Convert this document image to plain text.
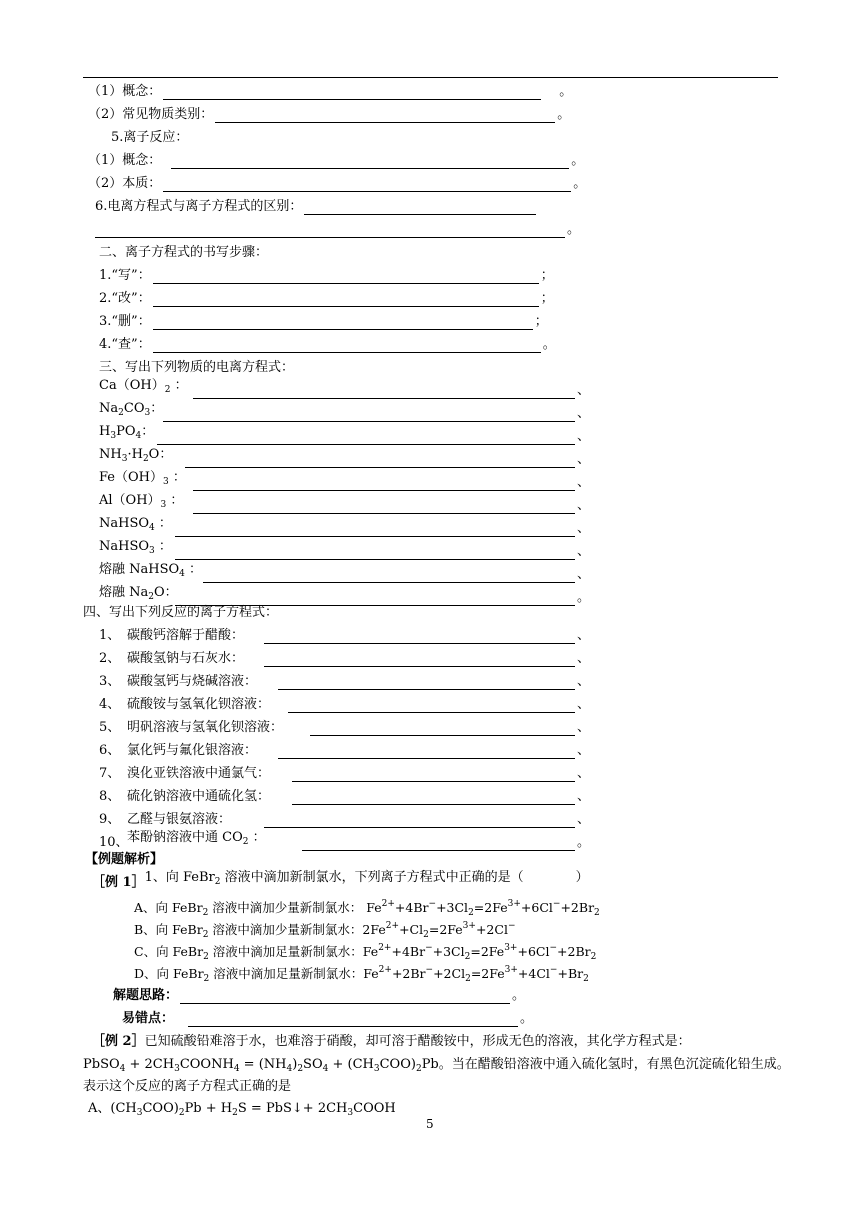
（1）概念：	。
（2）常见物质类别：	。
5.离子反应：
（1）概念：	。
（2）本质：	。
6.电离方程式与离子方程式的区别：
。
二、离子方程式的书写步骤：
三、写出下列物质的电离方程式：
四、写出下列反应的离子方程式：
【例题解析】
［例 1］ 1、向 FeBr$_2$ 溶液中滴加新制氯水，下列离子方程式中正确的是（　　　　）
解题思路：	。
易错点：	。
［例 2］已知硫酸铅难溶于水，也难溶于硝酸，却可溶于醋酸铵中，形成无色的溶液，其化学方程式是：
PbSO$_4$ + $2CH_3COONH_4 = (NH_4)_2SO_4 + (CH_3COO)_2Pb$。当在醋酸铅溶液中通入硫化氢时，有黑色沉淀硫化铅生成。
表示这个反应的离子方程式正确的是
A、$(CH_3COO)_2Pb + H_2S$ = PbS↓+ $2CH_3COOH$
5
1.“写”：	；
2.“改”：	；
3.“删”：	；
4.“查”：	。
$Ca(OH)_2$ ：	、
$Na_2CO_3$：	、
$H_3PO_4$：	、
$NH_3\cdot H_2O$：	、
$Fe(OH)_3$ ：	、
$Al(OH)_3$ ：	、
NaHSO$_4$ ：	、
NaHSO$_3$ ：	、
熔融 NaHSO$_4$ ：	、
熔融 $Na_2O$：	。
1、 碳酸钙溶解于醋酸：	、
2、 碳酸氢钠与石灰水：	、
3、 碳酸氢钙与烧碱溶液：	、
4、 硫酸铵与氢氧化钡溶液：	、
5、 明矾溶液与氢氧化钡溶液：	、
6、 氯化钙与氟化银溶液：	、
7、 溴化亚铁溶液中通氯气：	、
8、 硫化钠溶液中通硫化氢：	、
9、 乙醛与银氨溶液：	、
10、
苯酚钠溶液中通 $CO_2$ ：	。
A、向 FeBr$_2$ 溶液中滴加少量新制氯水： $Fe^{2+}+4Br^-+3Cl_2=2Fe^{3+}+6Cl^-+2Br_2$
B、向 FeBr$_2$ 溶液中滴加少量新制氯水：$2Fe^{2+}+Cl_2=2Fe^{3+}+2Cl^-$
C、向 FeBr$_2$ 溶液中滴加足量新制氯水：$Fe^{2+}+4Br^-+3Cl_2=2Fe^{3+}+6Cl^-+2Br_2$
D、向 FeBr$_2$ 溶液中滴加足量新制氯水：$Fe^{2+}+2Br^-+2Cl_2=2Fe^{3+}+4Cl^-+Br_2$
